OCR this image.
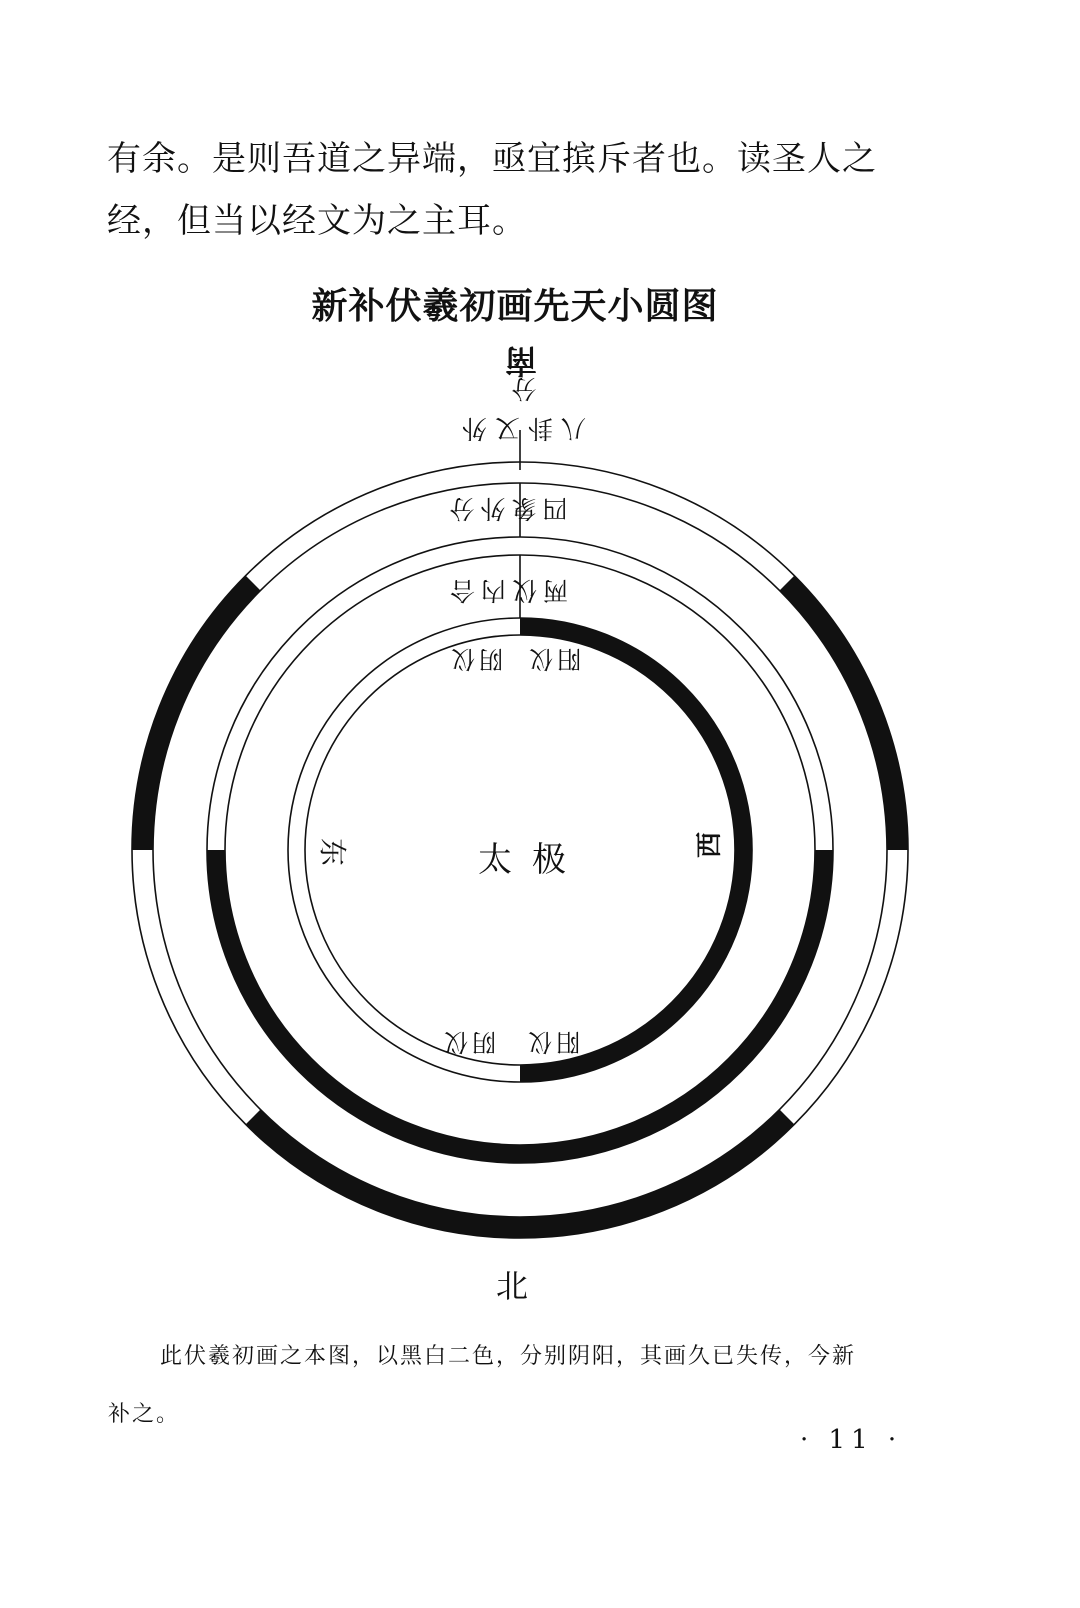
有余。是则吾道之异端，亟宜摈斥者也。读圣人之经，但当以经文为之主耳。

新补伏羲初画先天小圆图
南
八卦又外分
四象外分
两仪内合
阴仪 阳仪
阴仪	阳仪
太极
东	西
北

此伏羲初画之本图，以黑白二色，分别阴阳，其画久已失传，今新
补之。

· 11 ·
